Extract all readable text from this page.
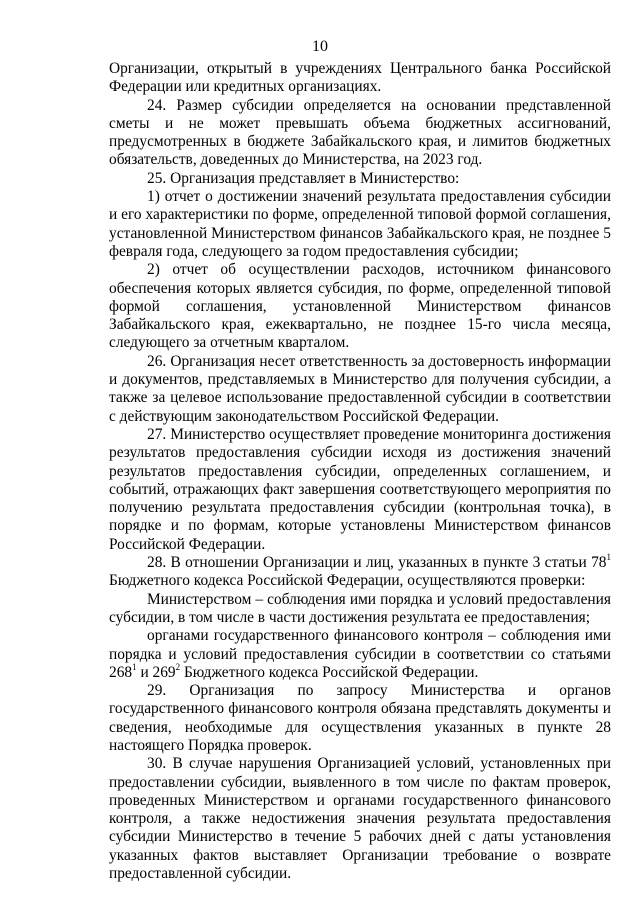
10

Организации, открытый в учреждениях Центрального банка Российской Федерации или кредитных организациях.

24. Размер субсидии определяется на основании представленной сметы и не может превышать объема бюджетных ассигнований, предусмотренных в бюджете Забайкальского края, и лимитов бюджетных обязательств, доведенных до Министерства, на 2023 год.

25. Организация представляет в Министерство:

1) отчет о достижении значений результата предоставления субсидии и его характеристики по форме, определенной типовой формой соглашения, установленной Министерством финансов Забайкальского края, не позднее 5 февраля года, следующего за годом предоставления субсидии;

2) отчет об осуществлении расходов, источником финансового обеспечения которых является субсидия, по форме, определенной типовой формой соглашения, установленной Министерством финансов Забайкальского края, ежеквартально, не позднее 15-го числа месяца, следующего за отчетным кварталом.

26. Организация несет ответственность за достоверность информации и документов, представляемых в Министерство для получения субсидии, а также за целевое использование предоставленной субсидии в соответствии с действующим законодательством Российской Федерации.

27. Министерство осуществляет проведение мониторинга достижения результатов предоставления субсидии исходя из достижения значений результатов предоставления субсидии, определенных соглашением, и событий, отражающих факт завершения соответствующего мероприятия по получению результата предоставления субсидии (контрольная точка), в порядке и по формам, которые установлены Министерством финансов Российской Федерации.

28. В отношении Организации и лиц, указанных в пункте 3 статьи $78^1$ Бюджетного кодекса Российской Федерации, осуществляются проверки:

Министерством – соблюдения ими порядка и условий предоставления субсидии, в том числе в части достижения результата ее предоставления;

органами государственного финансового контроля – соблюдения ими порядка и условий предоставления субсидии в соответствии со статьями $268^1$ и $269^2$ Бюджетного кодекса Российской Федерации.

29. Организация по запросу Министерства и органов государственного финансового контроля обязана представлять документы и сведения, необходимые для осуществления указанных в пункте 28 настоящего Порядка проверок.

30. В случае нарушения Организацией условий, установленных при предоставлении субсидии, выявленного в том числе по фактам проверок, проведенных Министерством и органами государственного финансового контроля, а также недостижения значения результата предоставления субсидии Министерство в течение 5 рабочих дней с даты установления указанных фактов выставляет Организации требование о возврате предоставленной субсидии.
